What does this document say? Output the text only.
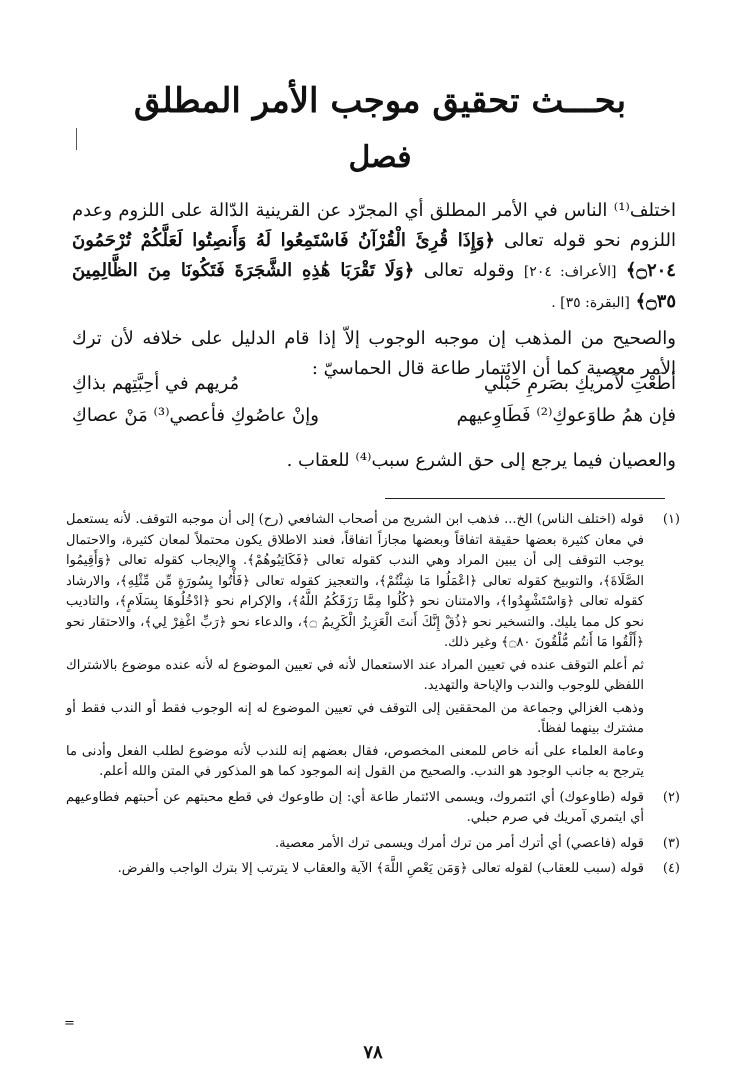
بحـــث تحقيق موجب الأمر المطلق
فصل

اختلف⁽¹⁾ الناس في الأمر المطلق أي المجرّد عن القرينية الدّالة على اللزوم وعدم اللزوم نحو قوله تعالى ﴿وَإِذَا قُرِئَ الْقُرْآنُ فَاسْتَمِعُوا لَهُ وَأَنصِتُوا لَعَلَّكُمْ تُرْحَمُونَ ۝٢٠٤﴾ [الأعراف: ٢٠٤] وقوله تعالى ﴿وَلَا تَقْرَبَا هَٰذِهِ الشَّجَرَةَ فَتَكُونَا مِنَ الظَّالِمِينَ ۝٣٥﴾ [البقرة: ٣٥] .

والصحيح من المذهب إن موجبه الوجوب إلاّ إذا قام الدليل على خلافه لأن ترك الأمر معصية كما أن الائتمار طاعة قال الحماسيّ :

أطَعْتِ لآمريكِ بصَرمِ حَبْلي
مُريهم في أحِبَّتِهم بذاكِ
فإن همُ طاوَعوكِ⁽²⁾ فَطَاوِعيهم
وإنْ عاصُوكِ فأعصي⁽³⁾ مَنْ عصاكِ
والعصيان فيما يرجع إلى حق الشرع سبب⁽⁴⁾ للعقاب .
(١)

قوله (اختلف الناس) الخ... فذهب ابن الشريح من أصحاب الشافعي (رح) إلى أن موجبه التوقف. لأنه يستعمل في معان كثيرة بعضها حقيقة اتفاقاً وبعضها مجازاً اتفاقاً، فعند الاطلاق يكون محتملاً لمعان كثيرة، والاحتمال يوجب التوقف إلى أن يبين المراد وهي الندب كقوله تعالى ﴿فَكَاتِبُوهُمْ﴾. والإيجاب كقوله تعالى ﴿وَأَقِيمُوا الصَّلَاةَ﴾، والتوبيخ كقوله تعالى ﴿اعْمَلُوا مَا شِئْتُمْ﴾، والتعجيز كقوله تعالى ﴿فَأْتُوا بِسُورَةٍ مِّن مِّثْلِهِ﴾، والارشاد كقوله تعالى ﴿وَاسْتَشْهِدُوا﴾، والامتنان نحو ﴿كُلُوا مِمَّا رَزَقَكُمُ اللَّهُ﴾، والإكرام نحو ﴿ادْخُلُوهَا بِسَلَامٍ﴾، والتاديب نحو كل مما يليك. والتسخير نحو ﴿ذُقْ إِنَّكَ أَنتَ الْعَزِيزُ الْكَرِيمُ ۝﴾، والدعاء نحو ﴿رَبِّ اغْفِرْ لِي﴾، والاحتقار نحو ﴿أَلْقُوا مَا أَنتُم مُّلْقُونَ ۝٨٠﴾ وغير ذلك.

ثم أعلم التوقف عنده في تعيين المراد عند الاستعمال لأنه في تعيين الموضوع له لأنه عنده موضوع بالاشتراك اللفظي للوجوب والندب والإباحة والتهديد.

وذهب الغزالي وجماعة من المحققين إلى التوقف في تعيين الموضوع له إنه الوجوب فقط أو الندب فقط أو مشترك بينهما لفظاً.

وعامة العلماء على أنه خاص للمعنى المخصوص، فقال بعضهم إنه للندب لأنه موضوع لطلب الفعل وأدنى ما يترجح به جانب الوجود هو الندب. والصحيح من القول إنه الموجود كما هو المذكور في المتن والله أعلم.

(٢)

قوله (طاوعوك) أي ائتمروك، ويسمى الائتمار طاعة أي: إن طاوعوك في قطع محبتهم عن أحبتهم فطاوعيهم أي ايتمري آمريك في صرم حبلي.

(٣)

قوله (فاعصي) أي أترك أمر من ترك أمرك ويسمى ترك الأمر معصية.

(٤)

قوله (سبب للعقاب) لقوله تعالى ﴿وَمَن يَعْصِ اللَّهَ﴾ الآية والعقاب لا يترتب إلا بترك الواجب والفرض.

=
٧٨
